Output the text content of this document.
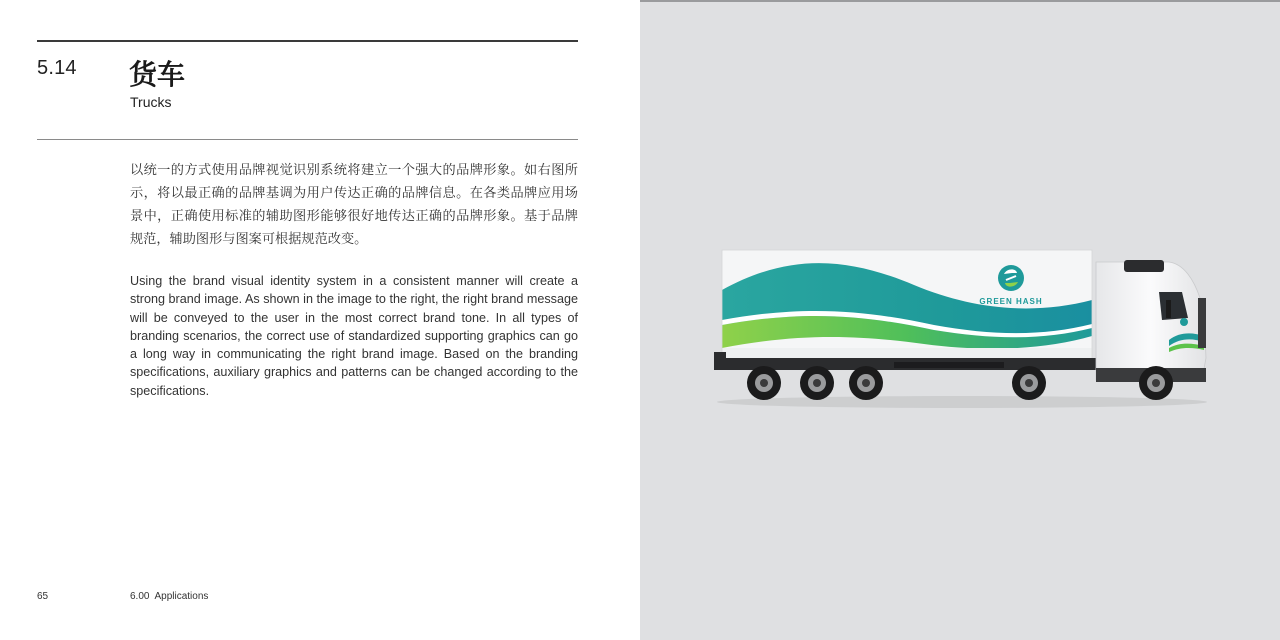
5.14 货车
Trucks
以统一的方式使用品牌视觉识别系统将建立一个强大的品牌形象。如右图所示，将以最正确的品牌基调为用户传达正确的品牌信息。在各类品牌应用场景中，正确使用标准的辅助图形能够很好地传达正确的品牌形象。基于品牌规范，辅助图形与图案可根据规范改变。
Using the brand visual identity system in a consistent manner will create a strong brand image. As shown in the image to the right, the right brand message will be conveyed to the user in the most correct brand tone. In all types of branding scenarios, the correct use of standardized supporting graphics can go a long way in communicating the right brand image. Based on the branding specifications, auxiliary graphics and patterns can be changed according to the specifications.
65	6.00  Applications
GREEN HASH
